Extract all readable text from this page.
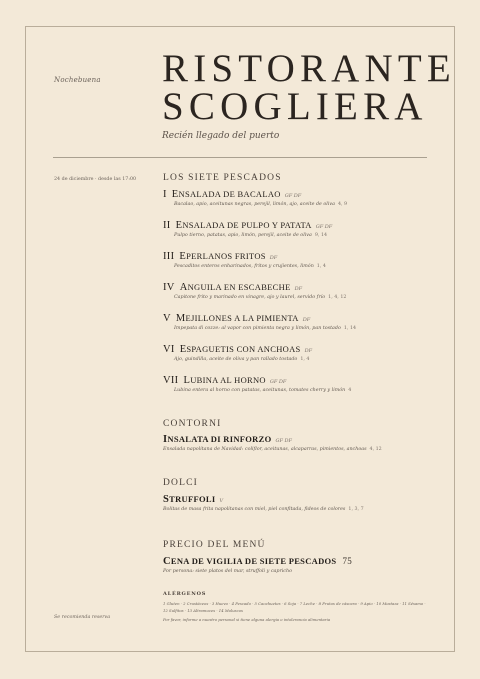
Nochebuena RISTORANTE
SCOGLIERA
Recién llegado del puerto
24 de diciembre · desde las 17:00
Se recomienda reserva
LOS SIETE PESCADOS
I ENSALADA DE BACALAO GF DF
Bacalao, apio, aceitunas negras, perejil, limón, ajo, aceite de oliva 4, 9
II ENSALADA DE PULPO Y PATATA GF DF
Pulpo tierno, patatas, apio, limón, perejil, aceite de oliva 9, 14
III EPERLANOS FRITOS DF
Pescaditos enteros enharinados, fritos y crujientes, limón 1, 4
IV ANGUILA EN ESCABECHE DF
Capitone frito y marinado en vinagre, ajo y laurel, servido frío 1, 4, 12
V MEJILLONES A LA PIMIENTA DF
Impepata di cozze: al vapor con pimienta negra y limón, pan tostado 1, 14
VI ESPAGUETIS CON ANCHOAS DF
Ajo, guindilla, aceite de oliva y pan rallado tostado 1, 4
VII LUBINA AL HORNO GF DF
Lubina entera al horno con patatas, aceitunas, tomates cherry y limón 4
CONTORNI
INSALATA DI RINFORZO GF DF
Ensalada napolitana de Navidad: coliflor, aceitunas, alcaparras, pimientos, anchoas 4, 12
DOLCI
STRUFFOLI V
Bolitas de masa frita napolitanas con miel, piel confitada, fideos de colores 1, 3, 7
PRECIO DEL MENÚ
CENA DE VIGILIA DE SIETE PESCADOS 75
Por persona: siete platos del mar, struffoli y capricho
ALÉRGENOS
1 Gluten · 2 Crustáceos · 3 Huevo · 4 Pescado · 5 Cacahuetes · 6 Soja · 7 Leche · 8 Frutos de cáscara · 9 Apio · 10 Mostaza · 11 Sésamo · 12 Sulfitos · 13 Altramuces · 14 Moluscos
Por favor, informe a nuestro personal si tiene alguna alergia o intolerancia alimentaria
